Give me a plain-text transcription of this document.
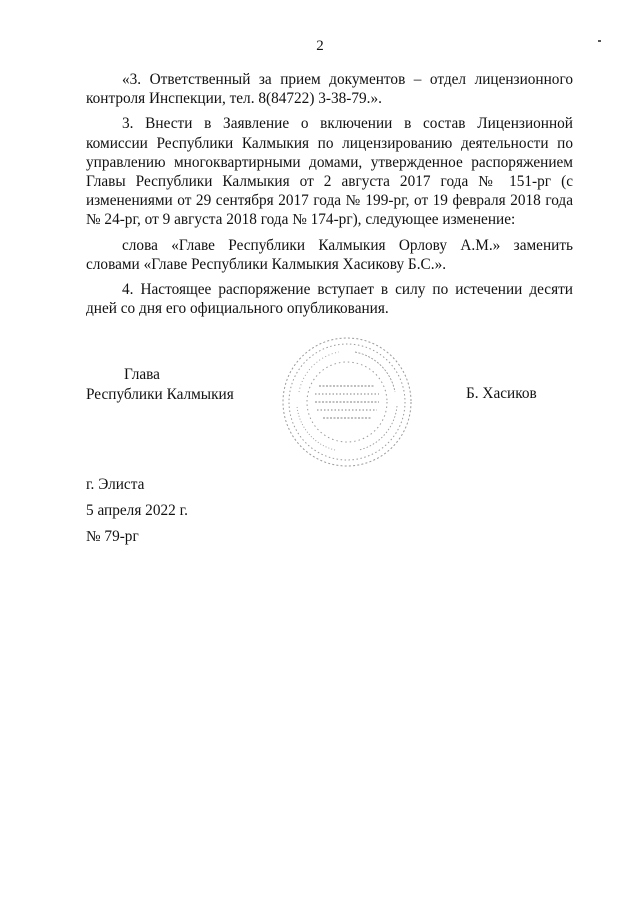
2

«3. Ответственный за прием документов – отдел лицензионного контроля Инспекции, тел. 8(84722) 3-38-79.».

3. Внести в Заявление о включении в состав Лицензионной комиссии Республики Калмыкия по лицензированию деятельности по управлению многоквартирными домами, утвержденное распоряжением Главы Республики Калмыкия от 2 августа 2017 года № 151-рг (с изменениями от 29 сентября 2017 года № 199-рг, от 19 февраля 2018 года № 24-рг, от 9 августа 2018 года № 174-рг), следующее изменение:

слова «Главе Республики Калмыкия Орлову А.М.» заменить словами «Главе Республики Калмыкия Хасикову Б.С.».

4. Настоящее распоряжение вступает в силу по истечении десяти дней со дня его официального опубликования.

Глава
Республики Калмыкия	Б. Хасиков
г. Элиста
5 апреля 2022 г.
№ 79-рг
